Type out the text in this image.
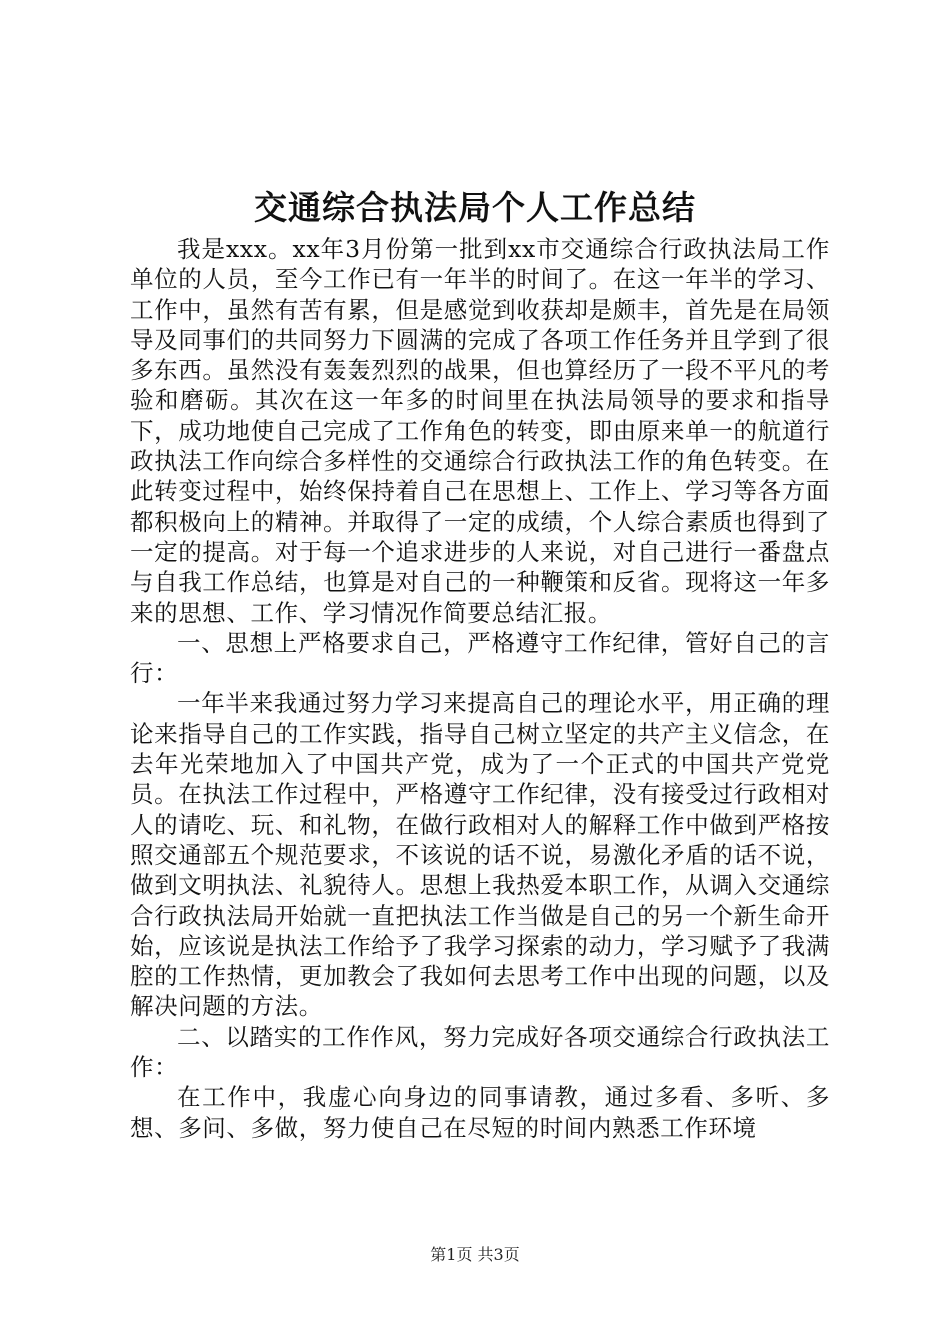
交通综合执法局个人工作总结

我是xxx。xx年3月份第一批到xx市交通综合行政执法局工作单位的人员，至今工作已有一年半的时间了。在这一年半的学习、工作中，虽然有苦有累，但是感觉到收获却是颇丰，首先是在局领导及同事们的共同努力下圆满的完成了各项工作任务并且学到了很多东西。虽然没有轰轰烈烈的战果，但也算经历了一段不平凡的考验和磨砺。其次在这一年多的时间里在执法局领导的要求和指导下，成功地使自己完成了工作角色的转变，即由原来单一的航道行政执法工作向综合多样性的交通综合行政执法工作的角色转变。在此转变过程中，始终保持着自己在思想上、工作上、学习等各方面都积极向上的精神。并取得了一定的成绩，个人综合素质也得到了一定的提高。对于每一个追求进步的人来说，对自己进行一番盘点与自我工作总结，也算是对自己的一种鞭策和反省。现将这一年多来的思想、工作、学习情况作简要总结汇报。

一、思想上严格要求自己，严格遵守工作纪律，管好自己的言行：

一年半来我通过努力学习来提高自己的理论水平，用正确的理论来指导自己的工作实践，指导自己树立坚定的共产主义信念，在去年光荣地加入了中国共产党，成为了一个正式的中国共产党党员。在执法工作过程中，严格遵守工作纪律，没有接受过行政相对人的请吃、玩、和礼物，在做行政相对人的解释工作中做到严格按照交通部五个规范要求，不该说的话不说，易激化矛盾的话不说，做到文明执法、礼貌待人。思想上我热爱本职工作，从调入交通综合行政执法局开始就一直把执法工作当做是自己的另一个新生命开始，应该说是执法工作给予了我学习探索的动力，学习赋予了我满腔的工作热情，更加教会了我如何去思考工作中出现的问题，以及解决问题的方法。

二、以踏实的工作作风，努力完成好各项交通综合行政执法工作：

在工作中，我虚心向身边的同事请教，通过多看、多听、多想、多问、多做，努力使自己在尽短的时间内熟悉工作环境

第1页 共3页
